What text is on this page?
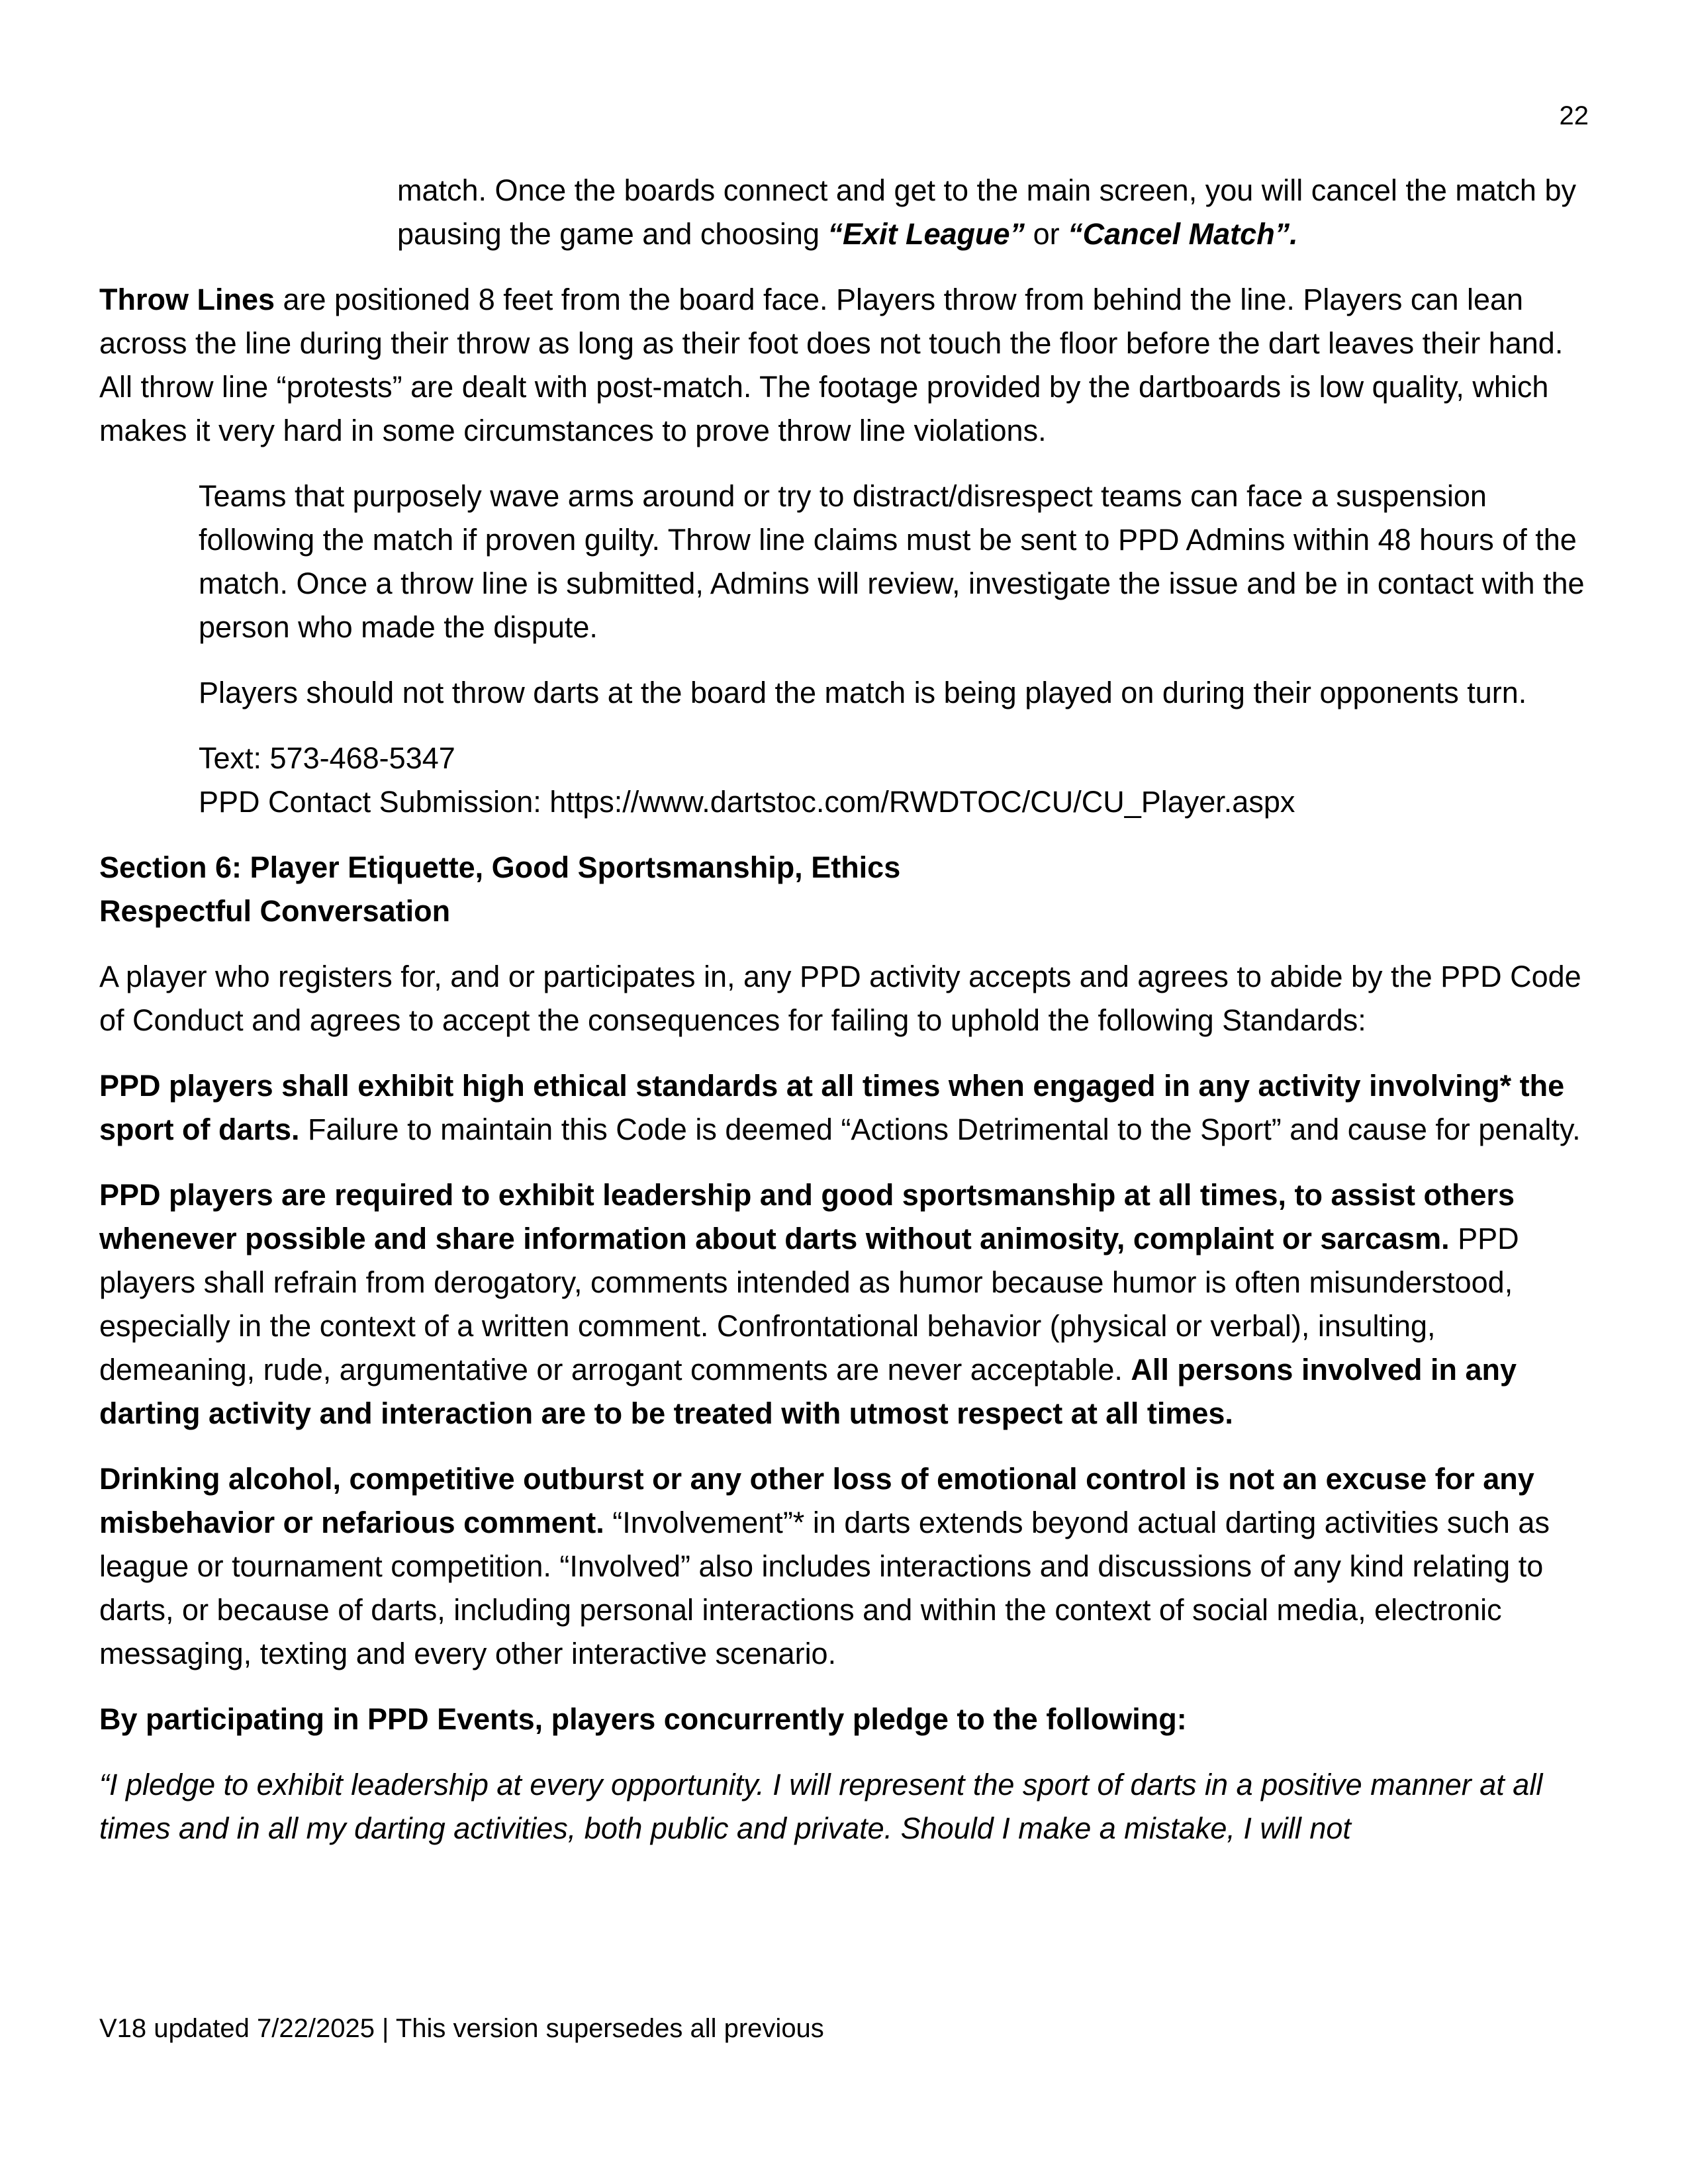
22

match. Once the boards connect and get to the main screen, you will cancel the match by pausing the game and choosing “Exit League” or “Cancel Match”.

Throw Lines are positioned 8 feet from the board face. Players throw from behind the line. Players can lean across the line during their throw as long as their foot does not touch the floor before the dart leaves their hand. All throw line “protests” are dealt with post-match. The footage provided by the dartboards is low quality, which makes it very hard in some circumstances to prove throw line violations.

Teams that purposely wave arms around or try to distract/disrespect teams can face a suspension following the match if proven guilty. Throw line claims must be sent to PPD Admins within 48 hours of the match. Once a throw line is submitted, Admins will review, investigate the issue and be in contact with the person who made the dispute.

Players should not throw darts at the board the match is being played on during their opponents turn.

Text: 573-468-5347
PPD Contact Submission: https://www.dartstoc.com/RWDTOC/CU/CU_Player.aspx

Section 6: Player Etiquette, Good Sportsmanship, Ethics
Respectful Conversation

A player who registers for, and or participates in, any PPD activity accepts and agrees to abide by the PPD Code of Conduct and agrees to accept the consequences for failing to uphold the following Standards:

PPD players shall exhibit high ethical standards at all times when engaged in any activity involving* the sport of darts. Failure to maintain this Code is deemed “Actions Detrimental to the Sport” and cause for penalty.

PPD players are required to exhibit leadership and good sportsmanship at all times, to assist others whenever possible and share information about darts without animosity, complaint or sarcasm. PPD players shall refrain from derogatory, comments intended as humor because humor is often misunderstood, especially in the context of a written comment. Confrontational behavior (physical or verbal), insulting, demeaning, rude, argumentative or arrogant comments are never acceptable. All persons involved in any darting activity and interaction are to be treated with utmost respect at all times.

Drinking alcohol, competitive outburst or any other loss of emotional control is not an excuse for any misbehavior or nefarious comment. “Involvement”* in darts extends beyond actual darting activities such as league or tournament competition. “Involved” also includes interactions and discussions of any kind relating to darts, or because of darts, including personal interactions and within the context of social media, electronic messaging, texting and every other interactive scenario.

By participating in PPD Events, players concurrently pledge to the following:

“I pledge to exhibit leadership at every opportunity. I will represent the sport of darts in a positive manner at all times and in all my darting activities, both public and private. Should I make a mistake, I will not

V18 updated 7/22/2025 | This version supersedes all previous
